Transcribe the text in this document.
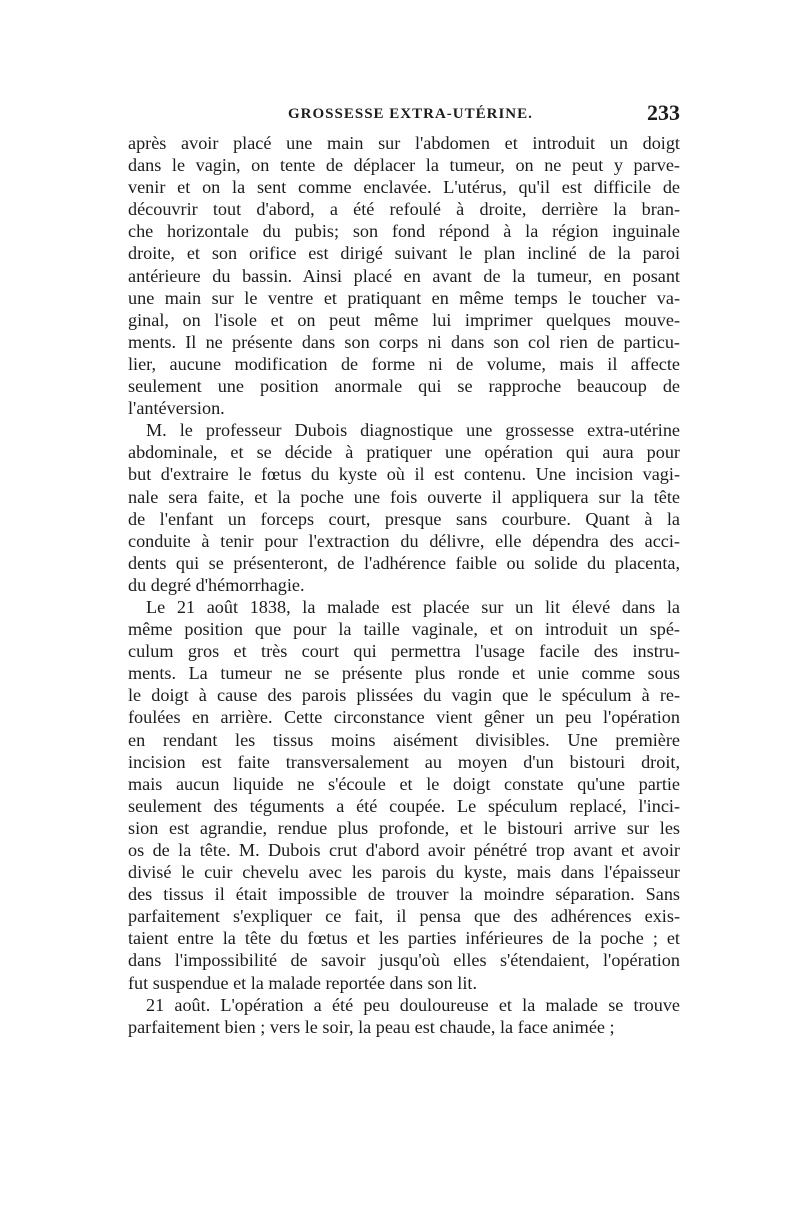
GROSSESSE EXTRA-UTÉRINE.	233

après avoir placé une main sur l'abdomen et introduit un doigt

dans le vagin, on tente de déplacer la tumeur, on ne peut y parve-

venir et on la sent comme enclavée. L'utérus, qu'il est difficile de

découvrir tout d'abord, a été refoulé à droite, derrière la bran-

che horizontale du pubis; son fond répond à la région inguinale

droite, et son orifice est dirigé suivant le plan incliné de la paroi

antérieure du bassin. Ainsi placé en avant de la tumeur, en posant

une main sur le ventre et pratiquant en même temps le toucher va-

ginal, on l'isole et on peut même lui imprimer quelques mouve-

ments. Il ne présente dans son corps ni dans son col rien de particu-

lier, aucune modification de forme ni de volume, mais il affecte

seulement une position anormale qui se rapproche beaucoup de

l'antéversion.

M. le professeur Dubois diagnostique une grossesse extra-utérine

abdominale, et se décide à pratiquer une opération qui aura pour

but d'extraire le fœtus du kyste où il est contenu. Une incision vagi-

nale sera faite, et la poche une fois ouverte il appliquera sur la tête

de l'enfant un forceps court, presque sans courbure. Quant à la

conduite à tenir pour l'extraction du délivre, elle dépendra des acci-

dents qui se présenteront, de l'adhérence faible ou solide du placenta,

du degré d'hémorrhagie.

Le 21 août 1838, la malade est placée sur un lit élevé dans la

même position que pour la taille vaginale, et on introduit un spé-

culum gros et très court qui permettra l'usage facile des instru-

ments. La tumeur ne se présente plus ronde et unie comme sous

le doigt à cause des parois plissées du vagin que le spéculum à re-

foulées en arrière. Cette circonstance vient gêner un peu l'opération

en rendant les tissus moins aisément divisibles. Une première

incision est faite transversalement au moyen d'un bistouri droit,

mais aucun liquide ne s'écoule et le doigt constate qu'une partie

seulement des téguments a été coupée. Le spéculum replacé, l'inci-

sion est agrandie, rendue plus profonde, et le bistouri arrive sur les

os de la tête. M. Dubois crut d'abord avoir pénétré trop avant et avoir

divisé le cuir chevelu avec les parois du kyste, mais dans l'épaisseur

des tissus il était impossible de trouver la moindre séparation. Sans

parfaitement s'expliquer ce fait, il pensa que des adhérences exis-

taient entre la tête du fœtus et les parties inférieures de la poche ; et

dans l'impossibilité de savoir jusqu'où elles s'étendaient, l'opération

fut suspendue et la malade reportée dans son lit.

21 août. L'opération a été peu douloureuse et la malade se trouve

parfaitement bien ; vers le soir, la peau est chaude, la face animée ;
